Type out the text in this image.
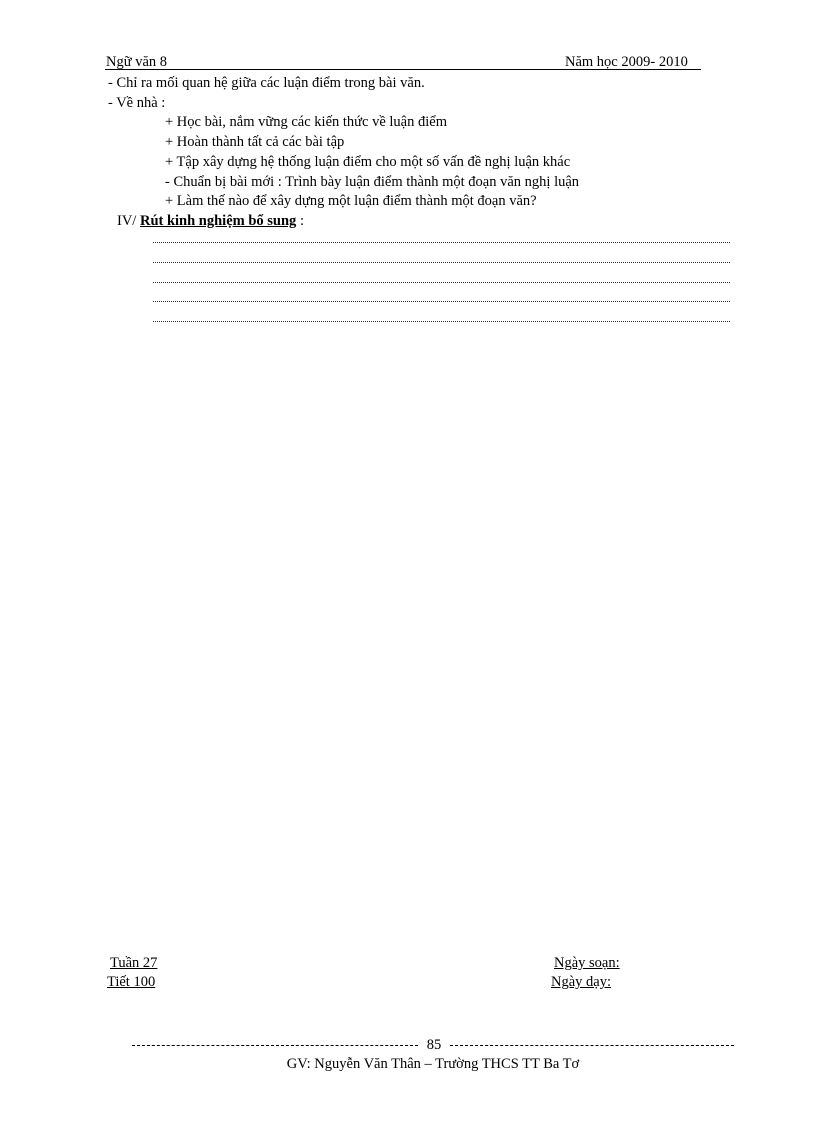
Ngữ văn 8	Năm học 2009- 2010
- Chỉ ra mối quan hệ giữa các luận điểm trong bài văn.
- Về nhà :
+ Học bài, nắm vững các kiến thức về luận điểm
+ Hoàn thành tất cả các bài tập
+ Tập xây dựng hệ thống luận điểm cho một số vấn đề nghị luận khác
- Chuẩn bị bài mới : Trình bày luận điểm thành một đoạn văn nghị luận
+ Làm thế nào để xây dựng một luận điểm thành một đoạn văn?
IV/ Rút kinh nghiệm bổ sung :
Tuần 27
Tiết 100
Ngày soạn:
Ngày dạy:
85
GV: Nguyễn Văn Thân – Trường THCS TT Ba Tơ
